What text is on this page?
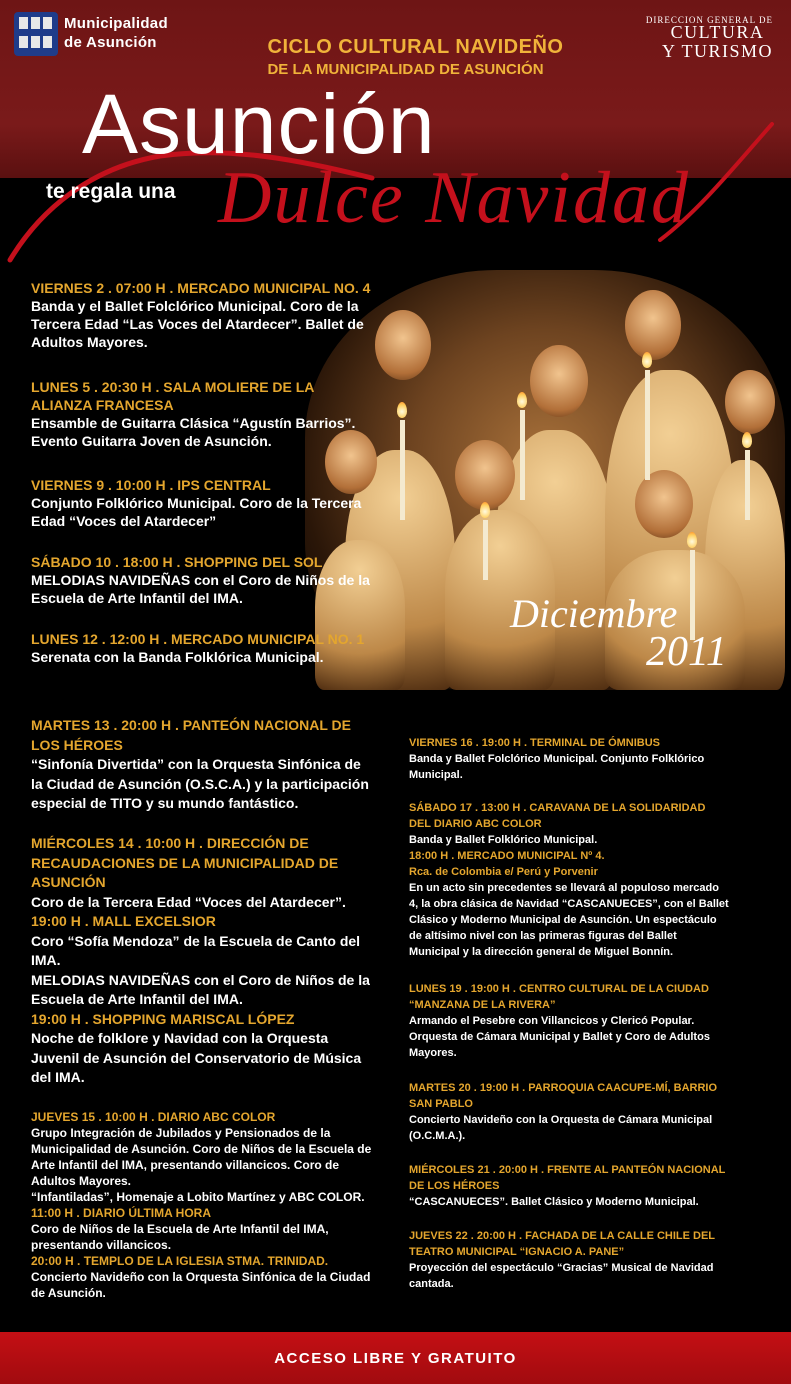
Municipalidad
de Asunción	CICLO CULTURAL NAVIDEÑO
DE LA MUNICIPALIDAD DE ASUNCIÓN
DIRECCION GENERAL DE
CULTURA
Y TURISMO
Asunción
te regala una Dulce Navidad
Diciembre
2011
VIERNES 2 . 07:00 H . MERCADO MUNICIPAL NO. 4
Banda y el Ballet Folclórico Municipal. Coro de la
Tercera Edad “Las Voces del Atardecer”. Ballet de
Adultos Mayores.
LUNES 5 . 20:30 H . SALA MOLIERE DE LA
ALIANZA FRANCESA
Ensamble de Guitarra Clásica “Agustín Barrios”.
Evento Guitarra Joven de Asunción.
VIERNES 9 . 10:00 H . IPS CENTRAL
Conjunto Folklórico Municipal. Coro de la Tercera
Edad “Voces del Atardecer”
SÁBADO 10 . 18:00 H . SHOPPING DEL SOL
MELODIAS NAVIDEÑAS con el Coro de Niños de la
Escuela de Arte Infantil del IMA.
LUNES 12 . 12:00 H . MERCADO MUNICIPAL NO. 1
Serenata con la Banda Folklórica Municipal.
MARTES 13 . 20:00 H . PANTEÓN NACIONAL DE
LOS HÉROES
“Sinfonía Divertida” con la Orquesta Sinfónica de
la Ciudad de Asunción (O.S.C.A.) y la participación
especial de TITO y su mundo fantástico.
MIÉRCOLES 14 . 10:00 H . DIRECCIÓN DE
RECAUDACIONES DE LA MUNICIPALIDAD DE
ASUNCIÓN
Coro de la Tercera Edad “Voces del Atardecer”.
19:00 H . MALL EXCELSIOR
Coro “Sofía Mendoza” de la Escuela de Canto del
IMA.
MELODIAS NAVIDEÑAS con el Coro de Niños de la
Escuela de Arte Infantil del IMA.
19:00 H . SHOPPING MARISCAL LÓPEZ
Noche de folklore y Navidad con la Orquesta
Juvenil de Asunción del Conservatorio de Música
del IMA.
JUEVES 15 . 10:00 H . DIARIO ABC COLOR
Grupo Integración de Jubilados y Pensionados de la
Municipalidad de Asunción. Coro de Niños de la Escuela de
Arte Infantil del IMA, presentando villancicos. Coro de
Adultos Mayores.
“Infantiladas”, Homenaje a Lobito Martínez y ABC COLOR.
11:00 H . DIARIO ÚLTIMA HORA
Coro de Niños de la Escuela de Arte Infantil del IMA,
presentando villancicos.
20:00 H . TEMPLO DE LA IGLESIA STMA. TRINIDAD.
Concierto Navideño con la Orquesta Sinfónica de la Ciudad
de Asunción.
VIERNES 16 . 19:00 H . TERMINAL DE ÓMNIBUS
Banda y Ballet Folclórico Municipal. Conjunto Folklórico
Municipal.
SÁBADO 17 . 13:00 H . CARAVANA DE LA SOLIDARIDAD
DEL DIARIO ABC COLOR
Banda y Ballet Folklórico Municipal.
18:00 H . MERCADO MUNICIPAL Nº 4.
Rca. de Colombia e/ Perú y Porvenir
En un acto sin precedentes se llevará al populoso mercado
4, la obra clásica de Navidad “CASCANUECES”, con el Ballet
Clásico y Moderno Municipal de Asunción. Un espectáculo
de altísimo nivel con las primeras figuras del Ballet
Municipal y la dirección general de Miguel Bonnín.
LUNES 19 . 19:00 H . CENTRO CULTURAL DE LA CIUDAD
“MANZANA DE LA RIVERA”
Armando el Pesebre con Villancicos y Clericó Popular.
Orquesta de Cámara Municipal y Ballet y Coro de Adultos
Mayores.
MARTES 20 . 19:00 H . PARROQUIA CAACUPE-MÍ, BARRIO
SAN PABLO
Concierto Navideño con la Orquesta de Cámara Municipal
(O.C.M.A.).
MIÉRCOLES 21 . 20:00 H . FRENTE AL PANTEÓN NACIONAL
DE LOS HÉROES
“CASCANUECES”. Ballet Clásico y Moderno Municipal.
JUEVES 22 . 20:00 H . FACHADA DE LA CALLE CHILE DEL
TEATRO MUNICIPAL “IGNACIO A. PANE”
Proyección del espectáculo “Gracias” Musical de Navidad
cantada.
ACCESO LIBRE Y GRATUITO
